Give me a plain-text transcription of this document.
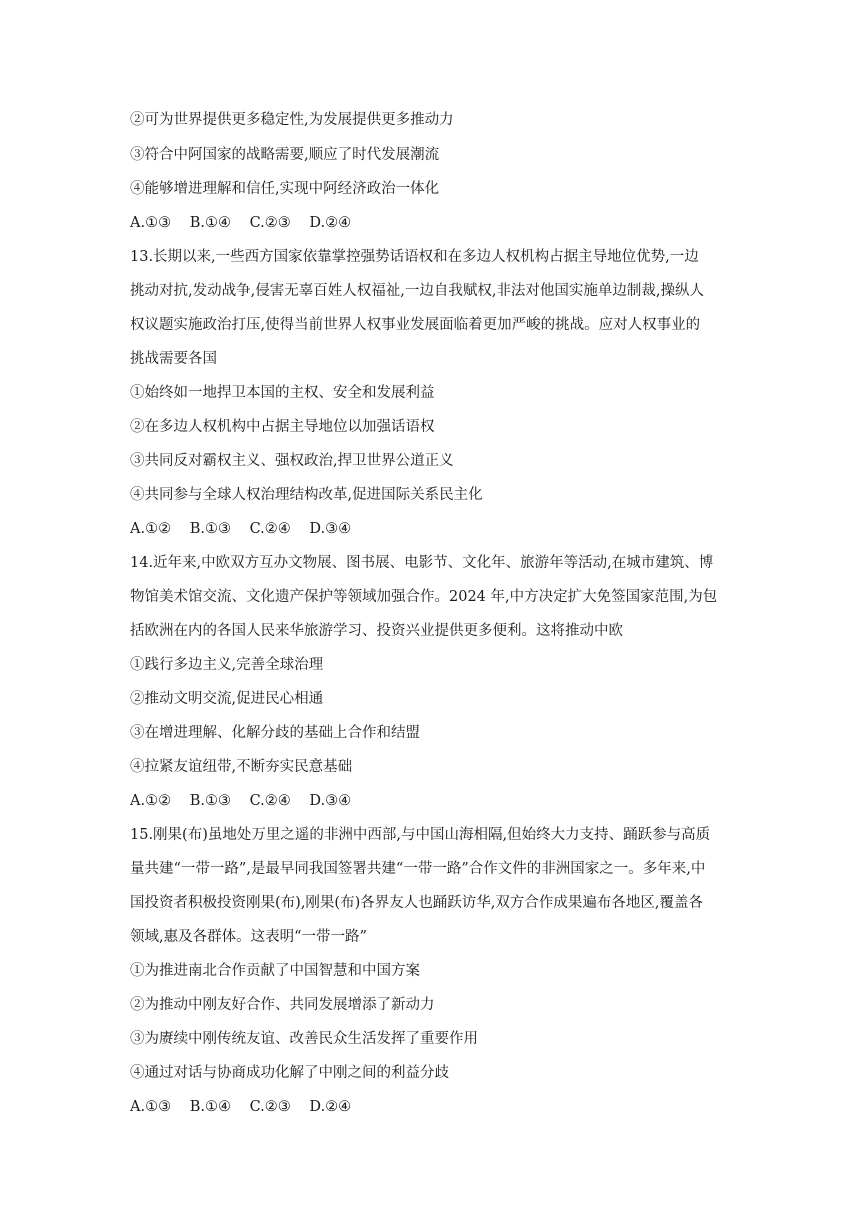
②可为世界提供更多稳定性,为发展提供更多推动力
③符合中阿国家的战略需要,顺应了时代发展潮流
④能够增进理解和信任,实现中阿经济政治一体化
A.①③ B.①④ C.②③ D.②④
13.长期以来,一些西方国家依靠掌控强势话语权和在多边人权机构占据主导地位优势,一边
挑动对抗,发动战争,侵害无辜百姓人权福祉,一边自我赋权,非法对他国实施单边制裁,操纵人
权议题实施政治打压,使得当前世界人权事业发展面临着更加严峻的挑战。应对人权事业的
挑战需要各国
①始终如一地捍卫本国的主权、安全和发展利益
②在多边人权机构中占据主导地位以加强话语权
③共同反对霸权主义、强权政治,捍卫世界公道正义
④共同参与全球人权治理结构改革,促进国际关系民主化
A.①② B.①③ C.②④ D.③④
14.近年来,中欧双方互办文物展、图书展、电影节、文化年、旅游年等活动,在城市建筑、博
物馆美术馆交流、文化遗产保护等领域加强合作。2024 年,中方决定扩大免签国家范围,为包
括欧洲在内的各国人民来华旅游学习、投资兴业提供更多便利。这将推动中欧
①践行多边主义,完善全球治理
②推动文明交流,促进民心相通
③在增进理解、化解分歧的基础上合作和结盟
④拉紧友谊纽带,不断夯实民意基础
A.①② B.①③ C.②④ D.③④
15.刚果(布)虽地处万里之遥的非洲中西部,与中国山海相隔,但始终大力支持、踊跃参与高质
量共建“一带一路”,是最早同我国签署共建“一带一路”合作文件的非洲国家之一。多年来,中
国投资者积极投资刚果(布),刚果(布)各界友人也踊跃访华,双方合作成果遍布各地区,覆盖各
领域,惠及各群体。这表明“一带一路”
①为推进南北合作贡献了中国智慧和中国方案
②为推动中刚友好合作、共同发展增添了新动力
③为赓续中刚传统友谊、改善民众生活发挥了重要作用
④通过对话与协商成功化解了中刚之间的利益分歧
A.①③ B.①④ C.②③ D.②④
